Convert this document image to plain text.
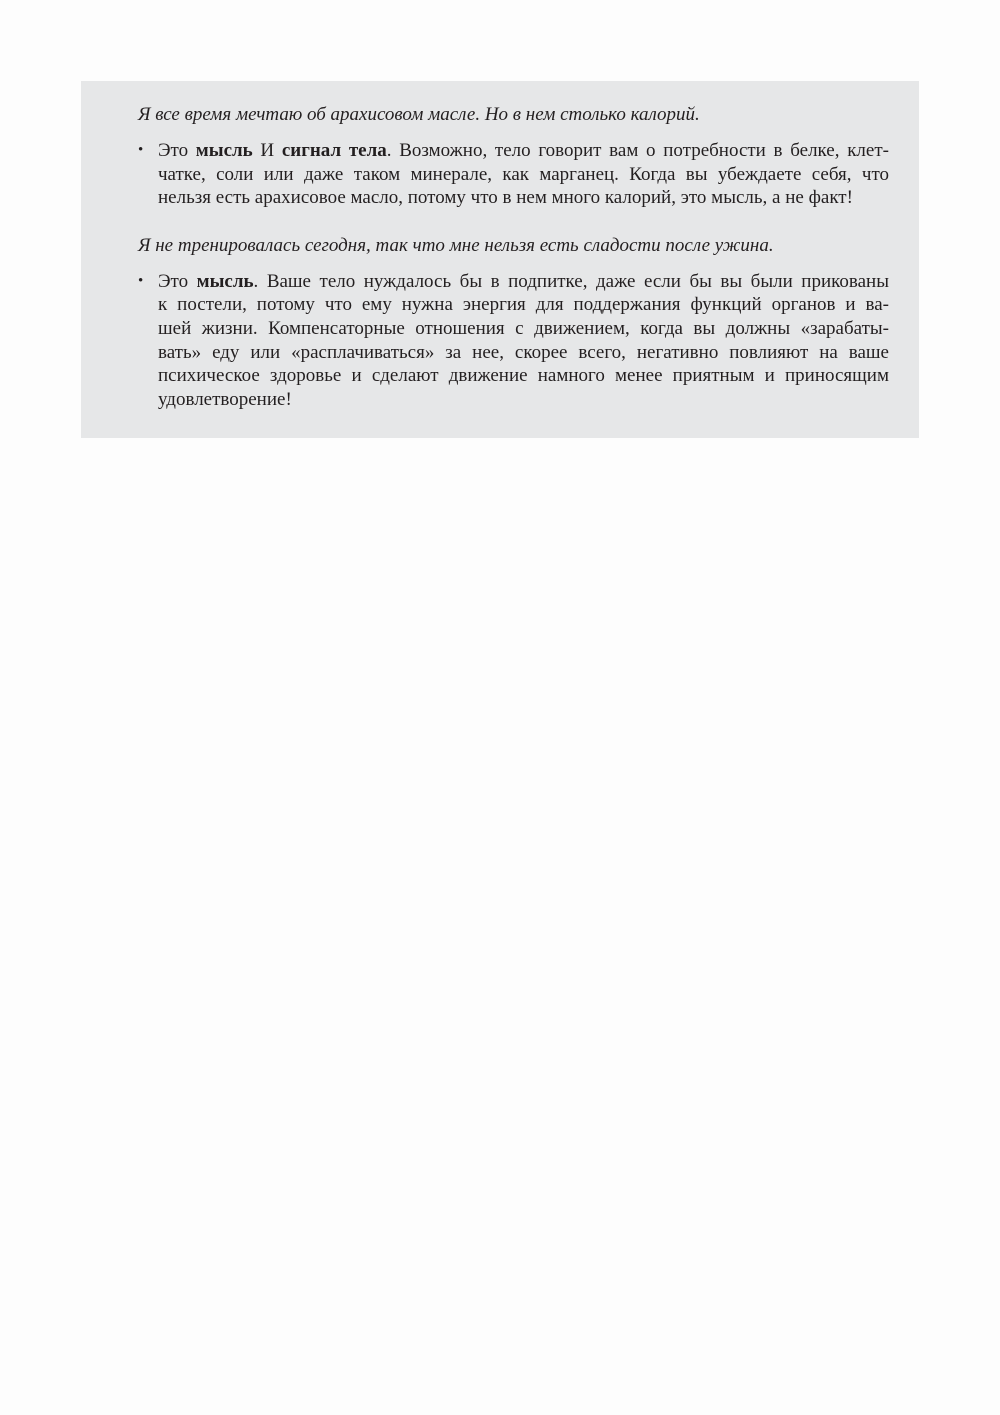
Я все время мечтаю об арахисовом масле. Но в нем столько калорий.

• Это мысль И сигнал тела. Возможно, тело говорит вам о потребности в белке, клет-
чатке, соли или даже таком минерале, как марганец. Когда вы убеждаете себя, что
нельзя есть арахисовое масло, потому что в нем много калорий, это мысль, а не факт!

Я не тренировалась сегодня, так что мне нельзя есть сладости после ужина.

• Это мысль. Ваше тело нуждалось бы в подпитке, даже если бы вы были прикованы
к постели, потому что ему нужна энергия для поддержания функций органов и ва-
шей жизни. Компенсаторные отношения с движением, когда вы должны «зарабаты-
вать» еду или «расплачиваться» за нее, скорее всего, негативно повлияют на ваше
психическое здоровье и сделают движение намного менее приятным и приносящим
удовлетворение!
